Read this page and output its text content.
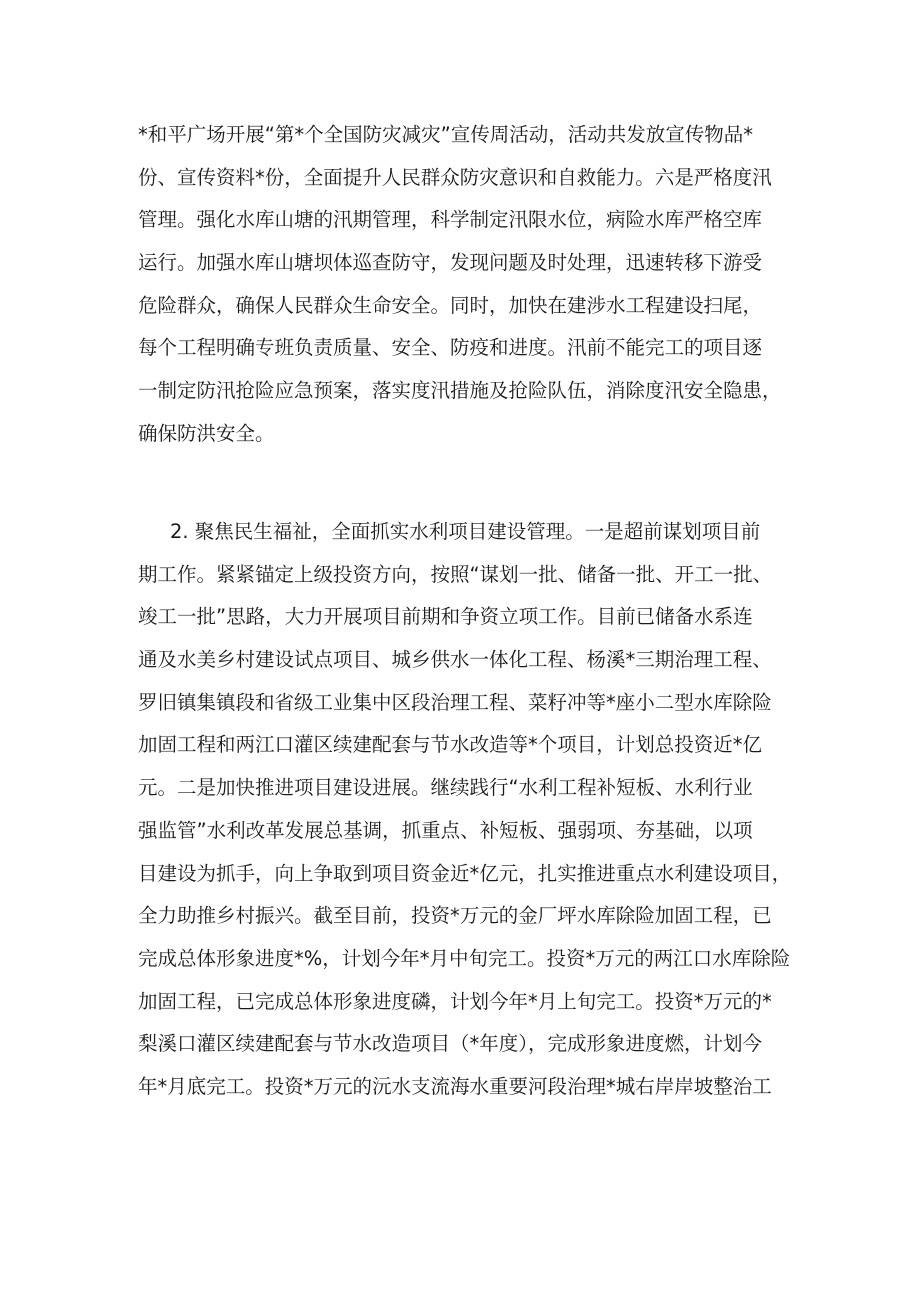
*和平广场开展“第*个全国防灾减灾”宣传周活动，活动共发放宣传物品*
份、宣传资料*份，全面提升人民群众防灾意识和自救能力。六是严格度汛
管理。强化水库山塘的汛期管理，科学制定汛限水位，病险水库严格空库
运行。加强水库山塘坝体巡查防守，发现问题及时处理，迅速转移下游受
危险群众，确保人民群众生命安全。同时，加快在建涉水工程建设扫尾，
每个工程明确专班负责质量、安全、防疫和进度。汛前不能完工的项目逐
一制定防汛抢险应急预案，落实度汛措施及抢险队伍，消除度汛安全隐患，
确保防洪安全。
2. 聚焦民生福祉，全面抓实水利项目建设管理。一是超前谋划项目前
期工作。紧紧锚定上级投资方向，按照“谋划一批、储备一批、开工一批、
竣工一批”思路，大力开展项目前期和争资立项工作。目前已储备水系连
通及水美乡村建设试点项目、城乡供水一体化工程、杨溪*三期治理工程、
罗旧镇集镇段和省级工业集中区段治理工程、菜籽冲等*座小二型水库除险
加固工程和两江口灌区续建配套与节水改造等*个项目，计划总投资近*亿
元。二是加快推进项目建设进展。继续践行“水利工程补短板、水利行业
强监管”水利改革发展总基调，抓重点、补短板、强弱项、夯基础，以项
目建设为抓手，向上争取到项目资金近*亿元，扎实推进重点水利建设项目，
全力助推乡村振兴。截至目前，投资*万元的金厂坪水库除险加固工程，已
完成总体形象进度*%，计划今年*月中旬完工。投资*万元的两江口水库除险
加固工程，已完成总体形象进度磷，计划今年*月上旬完工。投资*万元的*
梨溪口灌区续建配套与节水改造项目（*年度），完成形象进度燃，计划今
年*月底完工。投资*万元的沅水支流海水重要河段治理*城右岸岸坡整治工
